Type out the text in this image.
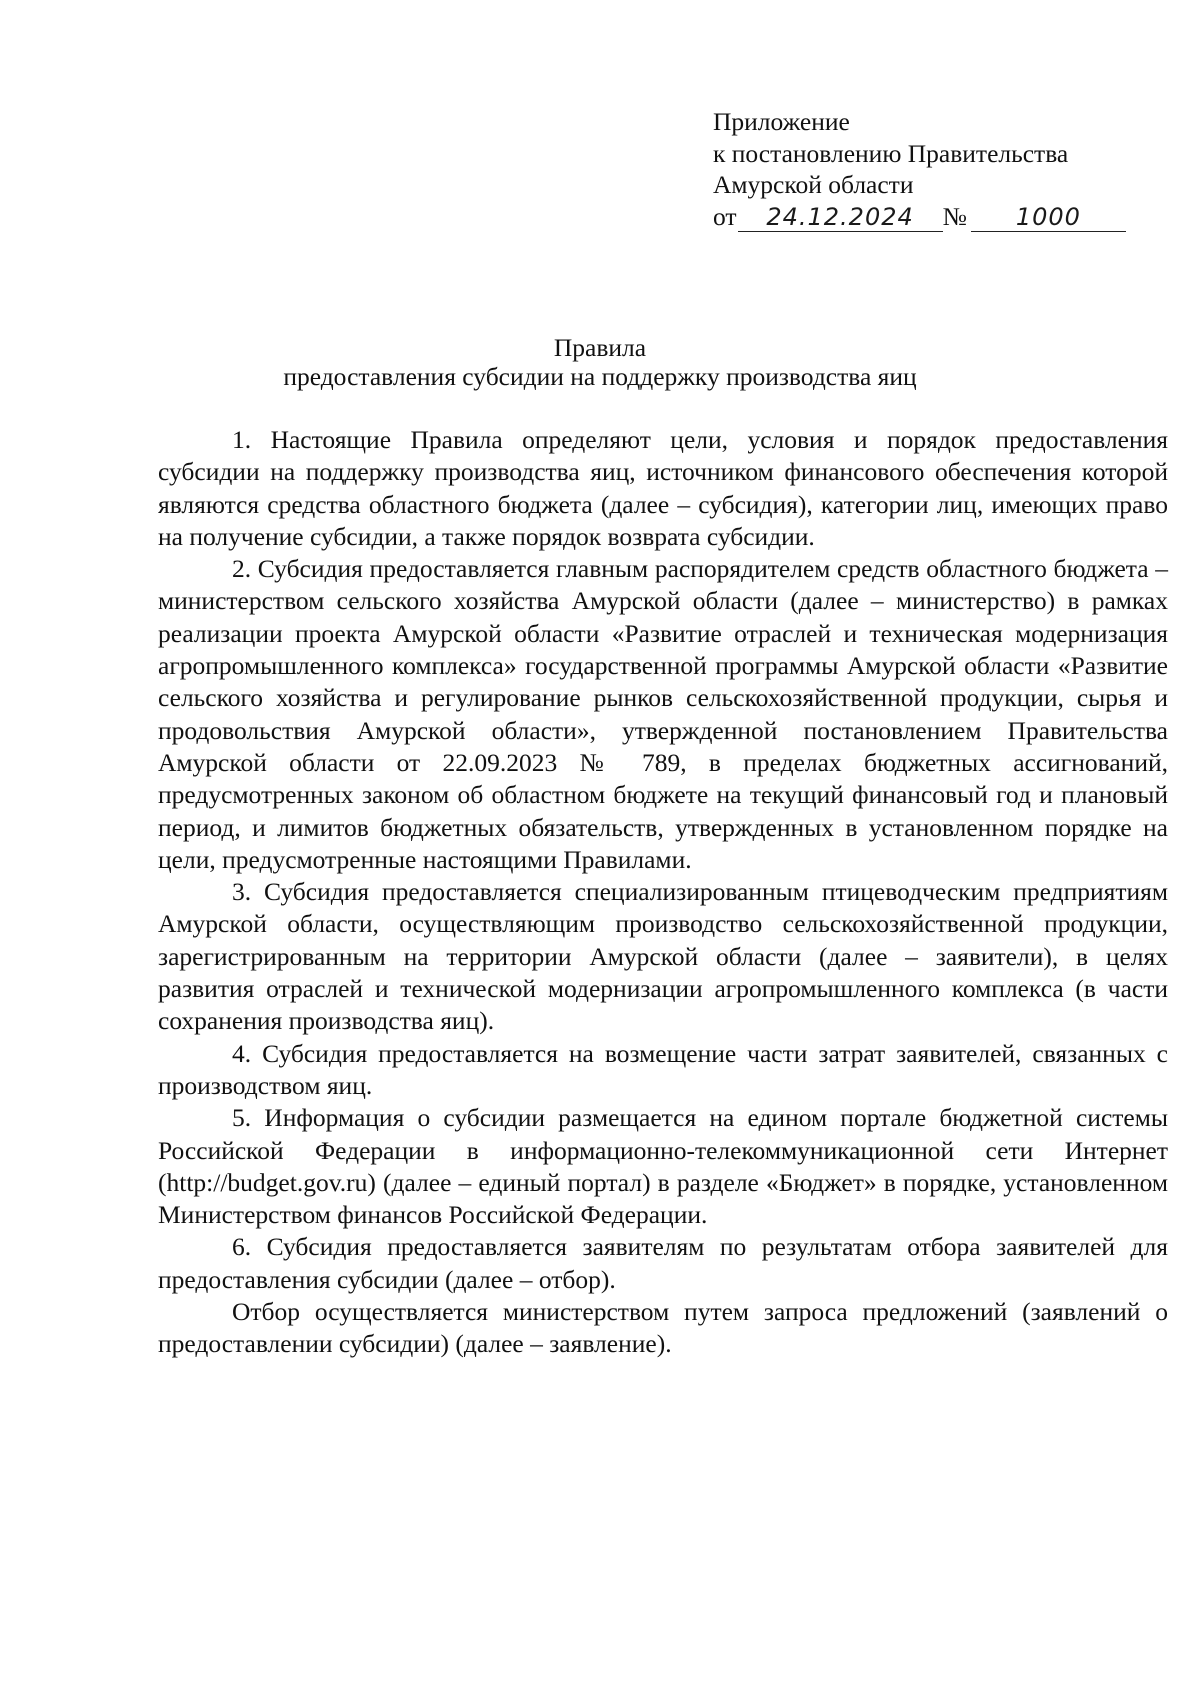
Приложение
к постановлению Правительства
Амурской области
от	24.12.2024	№	1000
Правила
предоставления субсидии на поддержку производства яиц

1. Настоящие Правила определяют цели, условия и порядок предоставления субсидии на поддержку производства яиц, источником финансового обеспечения которой являются средства областного бюджета (далее – субсидия), категории лиц, имеющих право на получение субсидии, а также порядок возврата субсидии.

2. Субсидия предоставляется главным распорядителем средств областного бюджета – министерством сельского хозяйства Амурской области (далее – министерство) в рамках реализации проекта Амурской области «Развитие отраслей и техническая модернизация агропромышленного комплекса» государственной программы Амурской области «Развитие сельского хозяйства и регулирование рынков сельскохозяйственной продукции, сырья и продовольствия Амурской области», утвержденной постановлением Правительства Амурской области от 22.09.2023 № 789, в пределах бюджетных ассигнований, предусмотренных законом об областном бюджете на текущий финансовый год и плановый период, и лимитов бюджетных обязательств, утвержденных в установленном порядке на цели, предусмотренные настоящими Правилами.

3. Субсидия предоставляется специализированным птицеводческим предприятиям Амурской области, осуществляющим производство сельскохозяйственной продукции, зарегистрированным на территории Амурской области (далее – заявители), в целях развития отраслей и технической модернизации агропромышленного комплекса (в части сохранения производства яиц).

4. Субсидия предоставляется на возмещение части затрат заявителей, связанных с производством яиц.

5. Информация о субсидии размещается на едином портале бюджетной системы Российской Федерации в информационно-телекоммуникационной сети Интернет (http://budget.gov.ru) (далее – единый портал) в разделе «Бюджет» в порядке, установленном Министерством финансов Российской Федерации.

6. Субсидия предоставляется заявителям по результатам отбора заявителей для предоставления субсидии (далее – отбор).

Отбор осуществляется министерством путем запроса предложений (заявлений о предоставлении субсидии) (далее – заявление).
